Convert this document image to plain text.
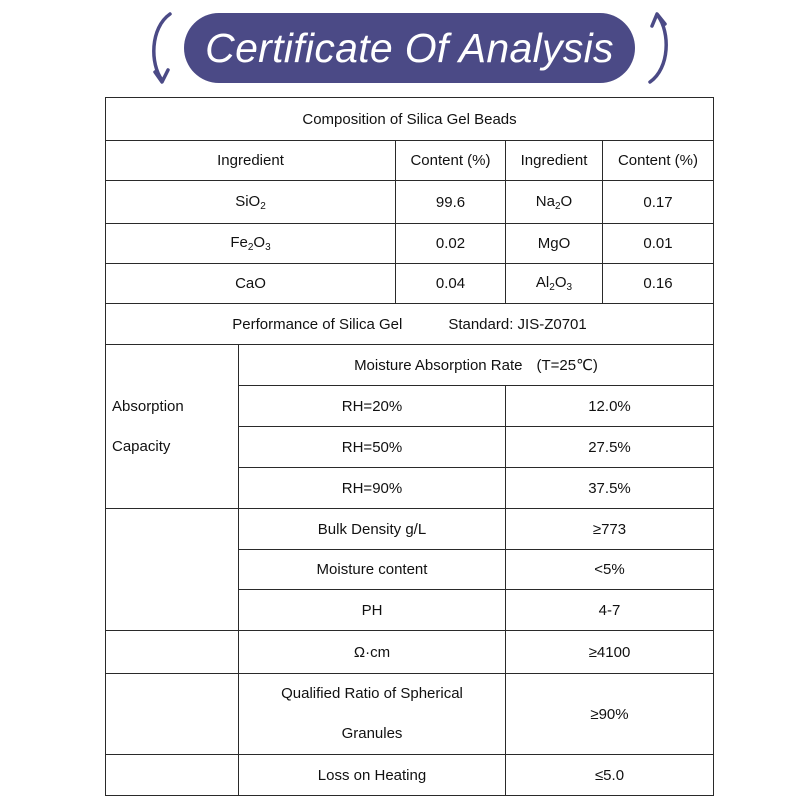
Certificate Of Analysis
Composition of Silica Gel Beads				
Ingredient		Content (%)	Ingredient	Content (%)
SiO$_2$		99.6	$Na_2O$	0.17
$Fe_2O_3$		0.02	MgO	0.01
CaO		0.04	$Al_2O_3$	0.16
Performance of Silica Gel Standard: JIS-Z0701				
Absorption
Capacity	Moisture Absorption Rate (T=25℃)			
	RH=20%		12.0%	
	RH=50%		27.5%	
	RH=90%		37.5%	
	Bulk Density g/L		≥773	
	Moisture content		<5%	
	PH		4-7	
	Ω·cm		≥4100	
	Qualified Ratio of Spherical
Granules		≥90%	
	Loss on Heating		≤5.0	
